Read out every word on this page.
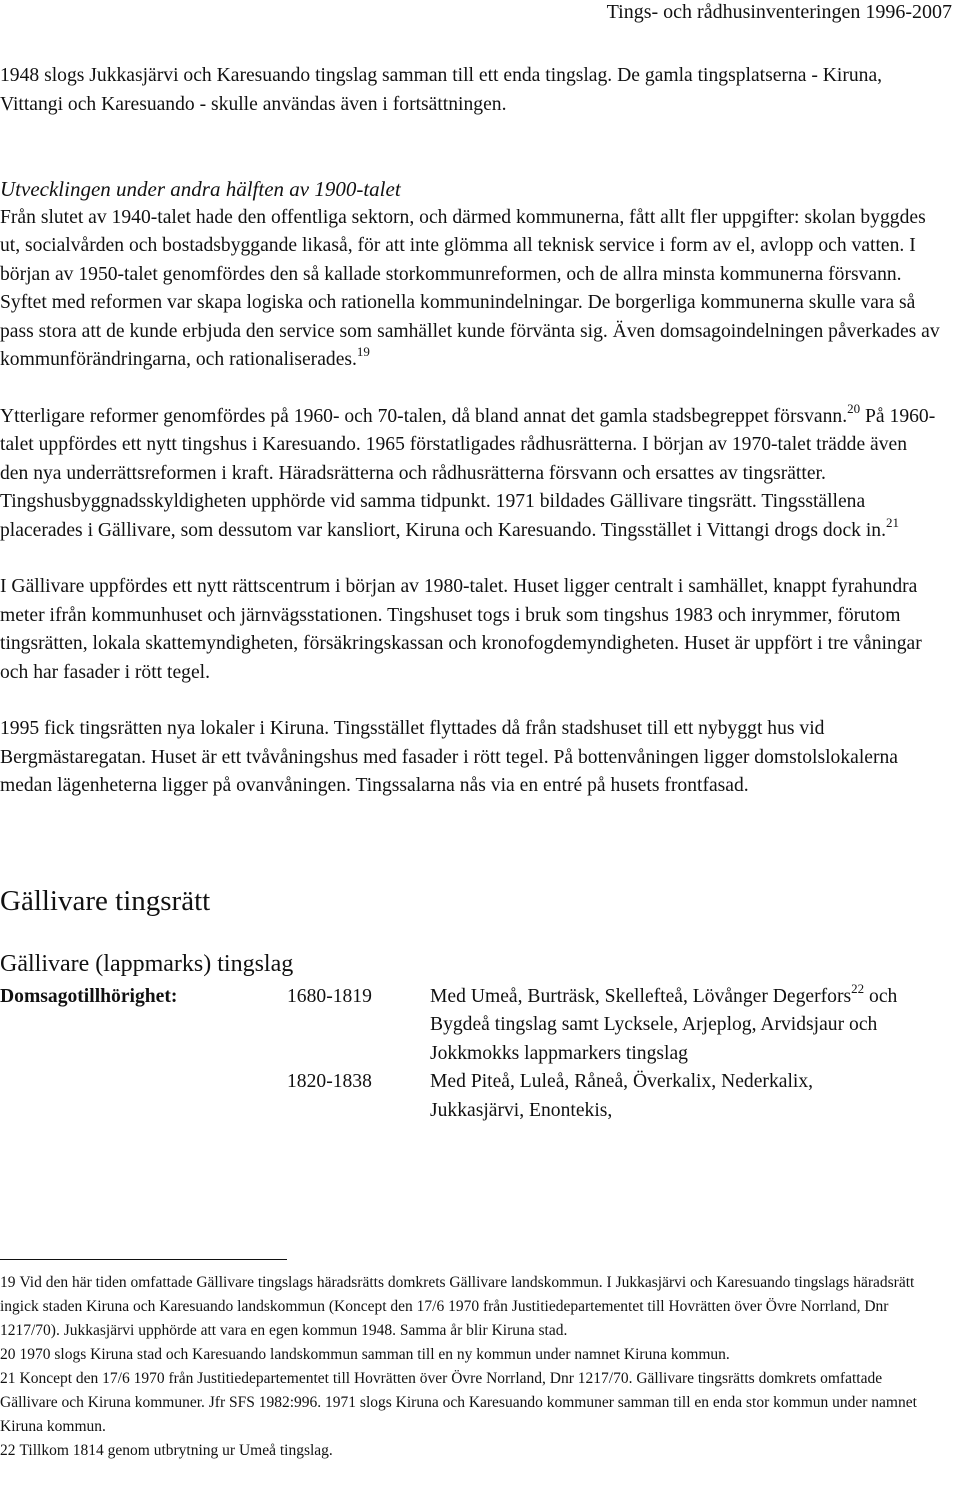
Tings- och rådhusinventeringen 1996-2007

1948 slogs Jukkasjärvi och Karesuando tingslag samman till ett enda tingslag. De gamla tingsplatserna - Kiruna, Vittangi och Karesuando - skulle användas även i fortsättningen.

Utvecklingen under andra hälften av 1900-talet

Från slutet av 1940-talet hade den offentliga sektorn, och därmed kommunerna, fått allt fler uppgifter: skolan byggdes ut, socialvården och bostadsbyggande likaså, för att inte glömma all teknisk service i form av el, avlopp och vatten. I början av 1950-talet genomfördes den så kallade storkommunreformen, och de allra minsta kommunerna försvann. Syftet med reformen var skapa logiska och rationella kommunindelningar. De borgerliga kommunerna skulle vara så pass stora att de kunde erbjuda den service som samhället kunde förvänta sig. Även domsagoindelningen påverkades av kommunförändringarna, och rationaliserades.$^{19}$

Ytterligare reformer genomfördes på 1960- och 70-talen, då bland annat det gamla stadsbegreppet försvann.$^{20}$ På 1960-talet uppfördes ett nytt tingshus i Karesuando. 1965 förstatligades rådhusrätterna. I början av 1970-talet trädde även den nya underrättsreformen i kraft. Häradsrätterna och rådhusrätterna försvann och ersattes av tingsrätter. Tingshusbyggnadsskyldigheten upphörde vid samma tidpunkt. 1971 bildades Gällivare tingsrätt. Tingsställena placerades i Gällivare, som dessutom var kansliort, Kiruna och Karesuando. Tingsstället i Vittangi drogs dock in.$^{21}$

I Gällivare uppfördes ett nytt rättscentrum i början av 1980-talet. Huset ligger centralt i samhället, knappt fyrahundra meter ifrån kommunhuset och järnvägsstationen. Tingshuset togs i bruk som tingshus 1983 och inrymmer, förutom tingsrätten, lokala skattemyndigheten, försäkringskassan och kronofogdemyndigheten. Huset är uppfört i tre våningar och har fasader i rött tegel.

1995 fick tingsrätten nya lokaler i Kiruna. Tingsstället flyttades då från stadshuset till ett nybyggt hus vid Bergmästaregatan. Huset är ett tvåvåningshus med fasader i rött tegel. På bottenvåningen ligger domstolslokalerna medan lägenheterna ligger på ovanvåningen. Tingssalarna nås via en entré på husets frontfasad.

Gällivare tingsrätt
Gällivare (lappmarks) tingslag
Domsagotillhörighet:	1680-1819	Med Umeå, Burträsk, Skellefteå, Lövånger Degerfors$^{22}$ och Bygdeå tingslag samt Lycksele, Arjeplog, Arvidsjaur och Jokkmokks lappmarkers tingslag
1820-1838	Med Piteå, Luleå, Råneå, Överkalix, Nederkalix, Jukkasjärvi, Enontekis,

19 Vid den här tiden omfattade Gällivare tingslags häradsrätts domkrets Gällivare landskommun. I Jukkasjärvi och Karesuando tingslags häradsrätt ingick staden Kiruna och Karesuando landskommun (Koncept den 17/6 1970 från Justitiedepartementet till Hovrätten över Övre Norrland, Dnr 1217/70). Jukkasjärvi upphörde att vara en egen kommun 1948. Samma år blir Kiruna stad.

20 1970 slogs Kiruna stad och Karesuando landskommun samman till en ny kommun under namnet Kiruna kommun.

21 Koncept den 17/6 1970 från Justitiedepartementet till Hovrätten över Övre Norrland, Dnr 1217/70. Gällivare tingsrätts domkrets omfattade Gällivare och Kiruna kommuner. Jfr SFS 1982:996. 1971 slogs Kiruna och Karesuando kommuner samman till en enda stor kommun under namnet Kiruna kommun.

22 Tillkom 1814 genom utbrytning ur Umeå tingslag.
